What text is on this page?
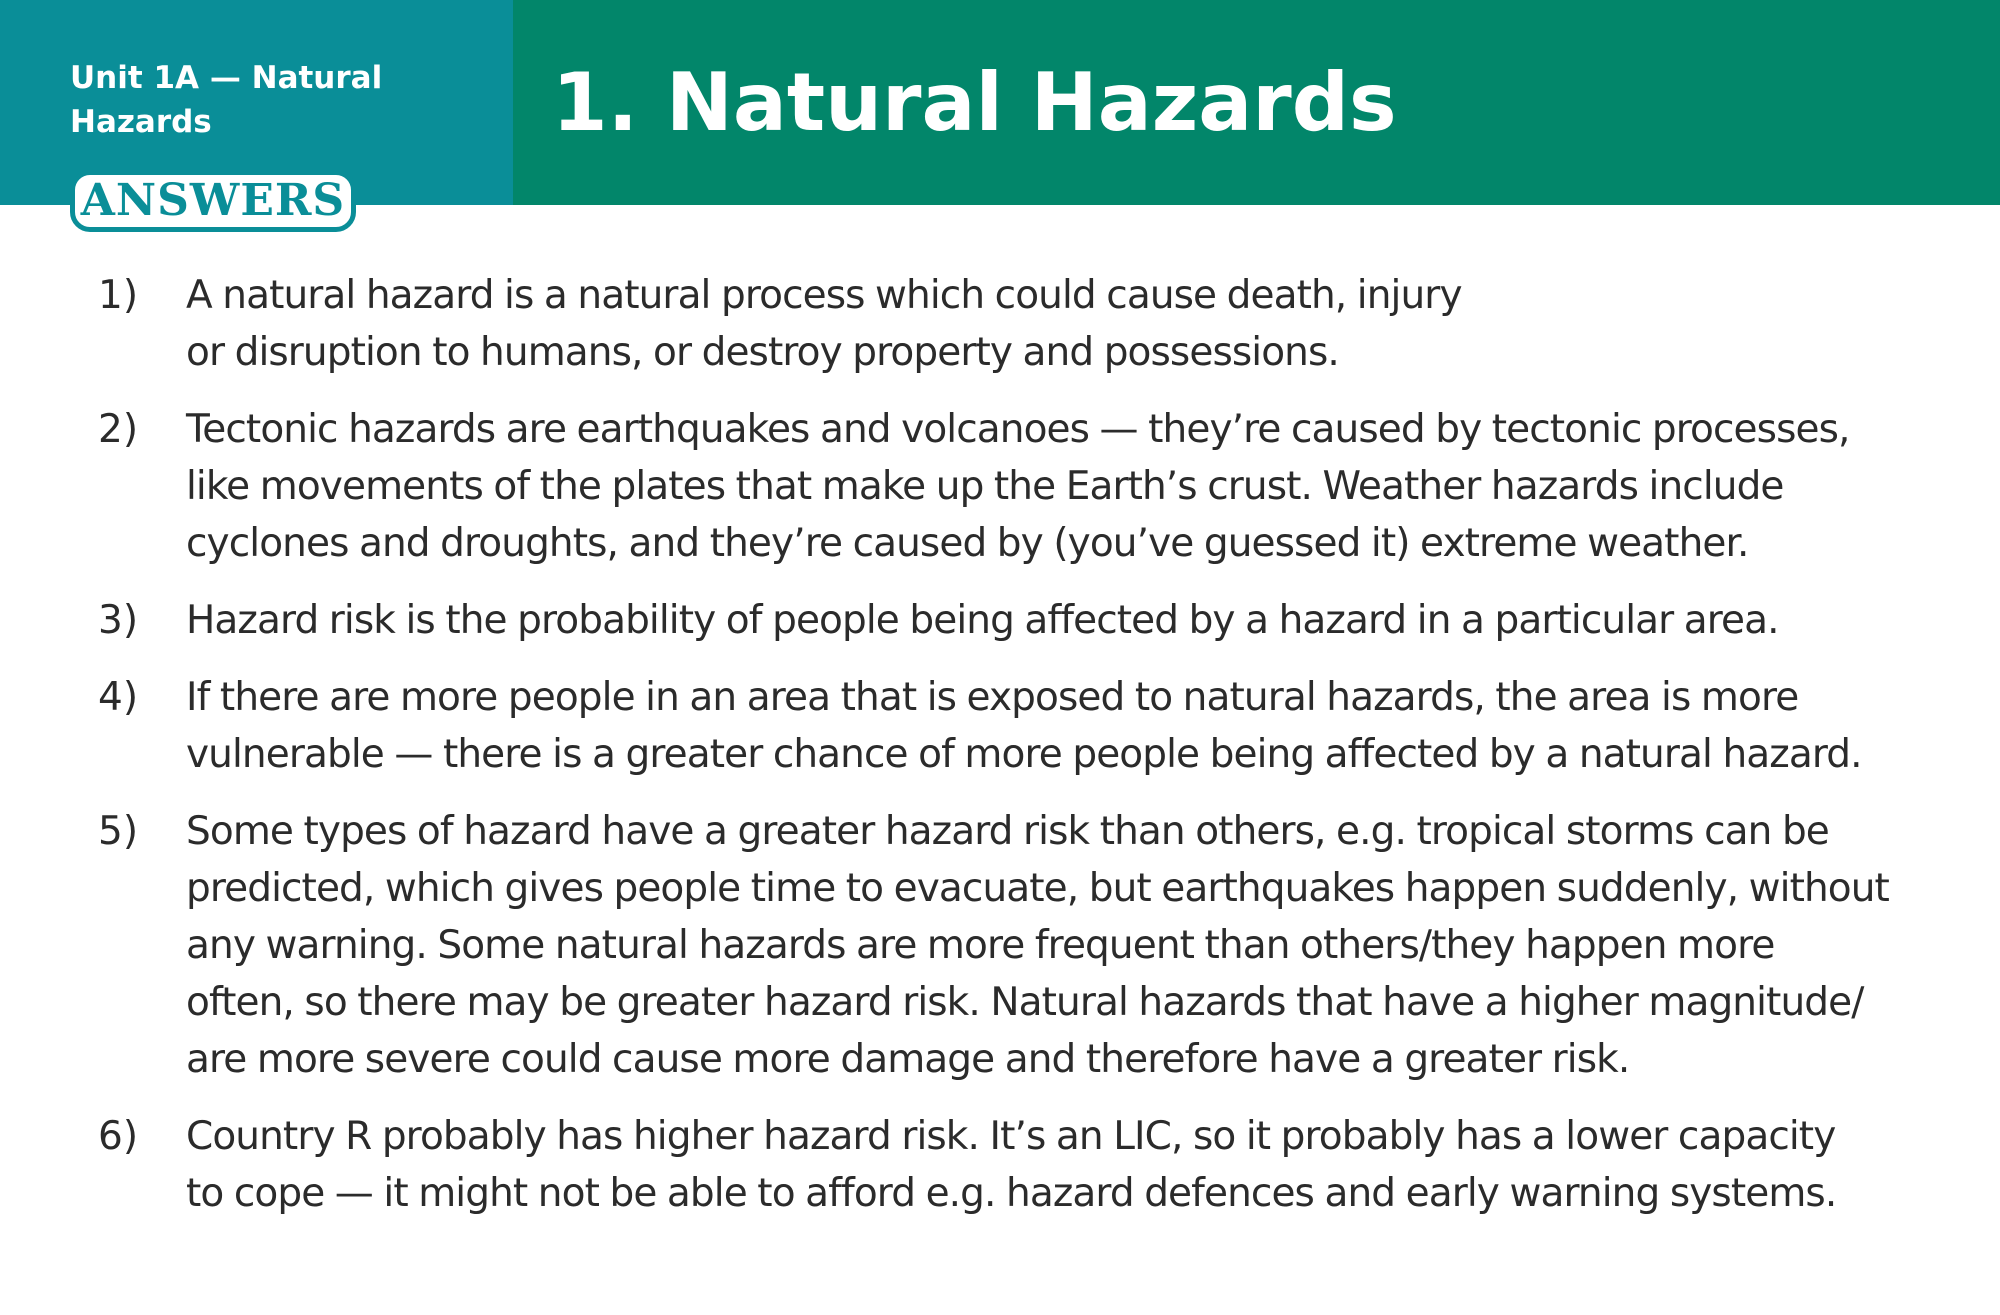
Unit 1A — Natural
Hazards	1. Natural Hazards
ANSWERS
1) A natural hazard is a natural process which could cause death, injury
or disruption to humans, or destroy property and possessions.
2) Tectonic hazards are earthquakes and volcanoes — they’re caused by tectonic processes,
like movements of the plates that make up the Earth’s crust. Weather hazards include
cyclones and droughts, and they’re caused by (you’ve guessed it) extreme weather.
3) Hazard risk is the probability of people being affected by a hazard in a particular area.
4) If there are more people in an area that is exposed to natural hazards, the area is more
vulnerable — there is a greater chance of more people being affected by a natural hazard.
5) Some types of hazard have a greater hazard risk than others, e.g. tropical storms can be
predicted, which gives people time to evacuate, but earthquakes happen suddenly, without
any warning. Some natural hazards are more frequent than others/they happen more
often, so there may be greater hazard risk. Natural hazards that have a higher magnitude/
are more severe could cause more damage and therefore have a greater risk.
6) Country R probably has higher hazard risk. It’s an LIC, so it probably has a lower capacity
to cope — it might not be able to afford e.g. hazard defences and early warning systems.
